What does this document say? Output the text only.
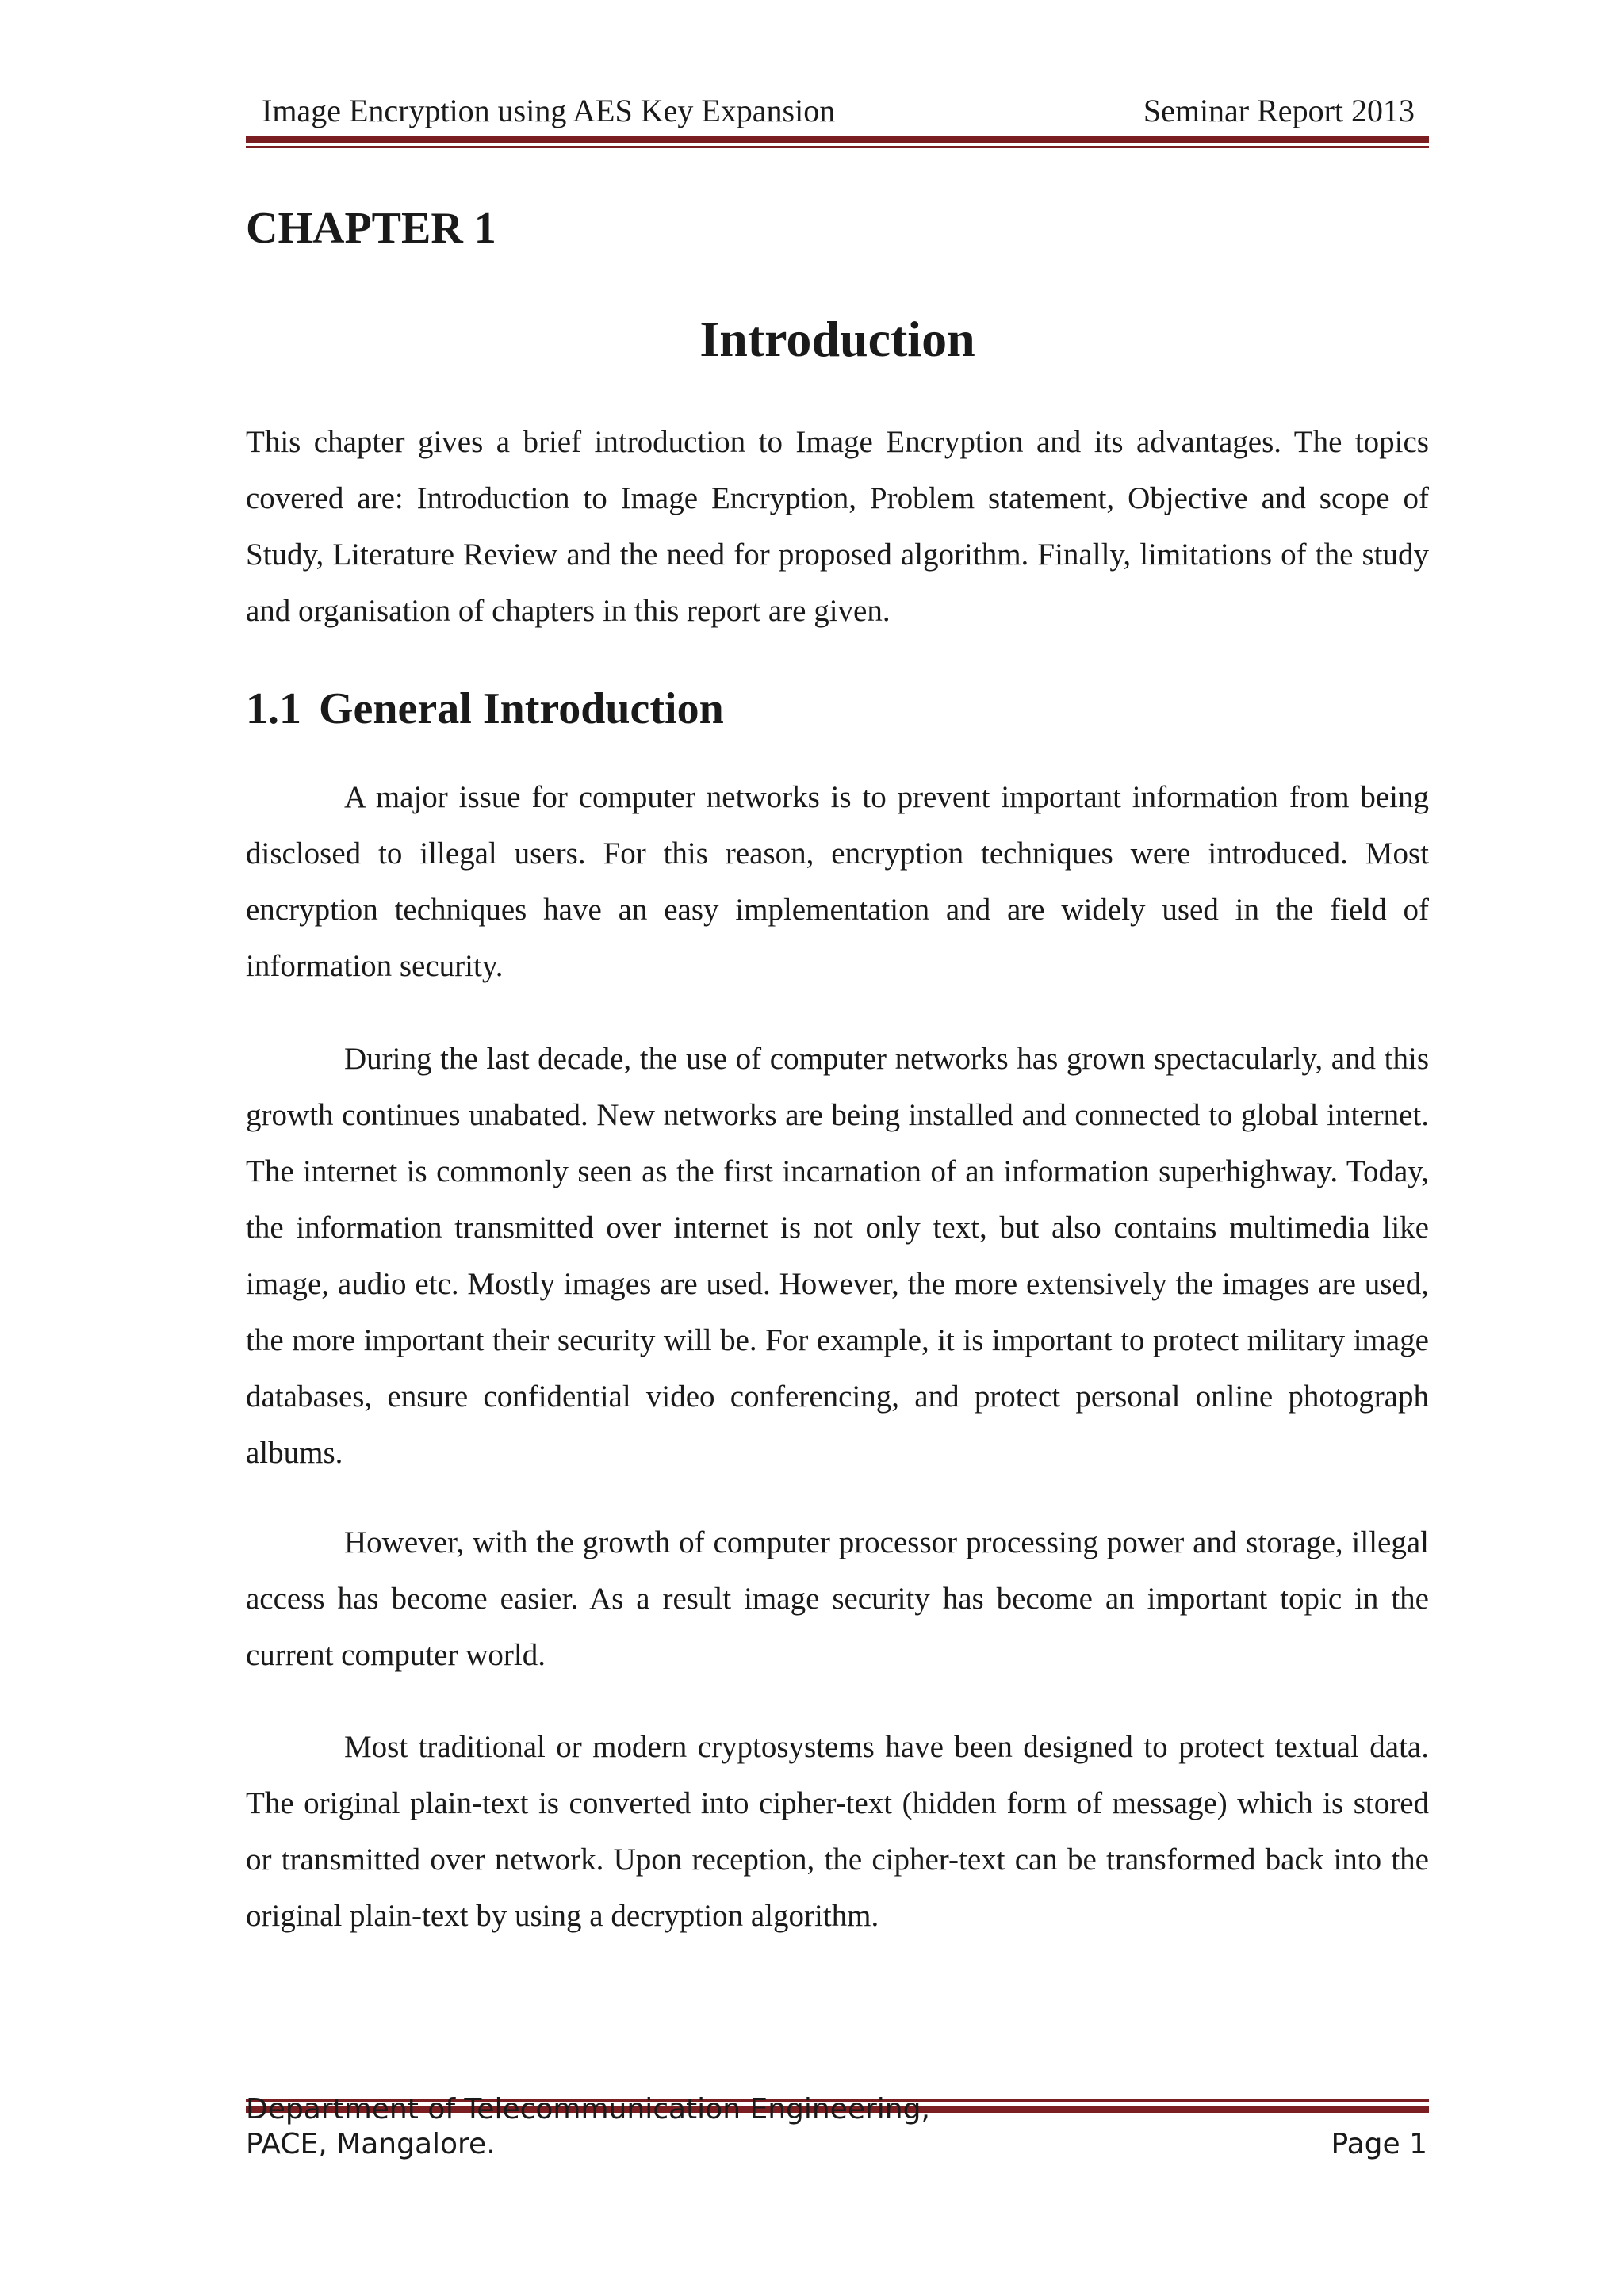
Image Encryption using AES Key Expansion	Seminar Report 2013
CHAPTER 1
Introduction

This chapter gives a brief introduction to Image Encryption and its advantages. The topics covered are: Introduction to Image Encryption, Problem statement, Objective and scope of Study, Literature Review and the need for proposed algorithm. Finally, limitations of the study and organisation of chapters in this report are given.

1.1 General Introduction

A major issue for computer networks is to prevent important information from being disclosed to illegal users. For this reason, encryption techniques were introduced. Most encryption techniques have an easy implementation and are widely used in the field of information security.

During the last decade, the use of computer networks has grown spectacularly, and this growth continues unabated. New networks are being installed and connected to global internet. The internet is commonly seen as the first incarnation of an information superhighway. Today, the information transmitted over internet is not only text, but also contains multimedia like image, audio etc. Mostly images are used. However, the more extensively the images are used, the more important their security will be. For example, it is important to protect military image databases, ensure confidential video conferencing, and protect personal online photograph albums.

However, with the growth of computer processor processing power and storage, illegal access has become easier. As a result image security has become an important topic in the current computer world.

Most traditional or modern cryptosystems have been designed to protect textual data. The original plain-text is converted into cipher-text (hidden form of message) which is stored or transmitted over network. Upon reception, the cipher-text can be transformed back into the original plain-text by using a decryption algorithm.

Department of Telecommunication Engineering,
PACE, Mangalore.	Page 1
